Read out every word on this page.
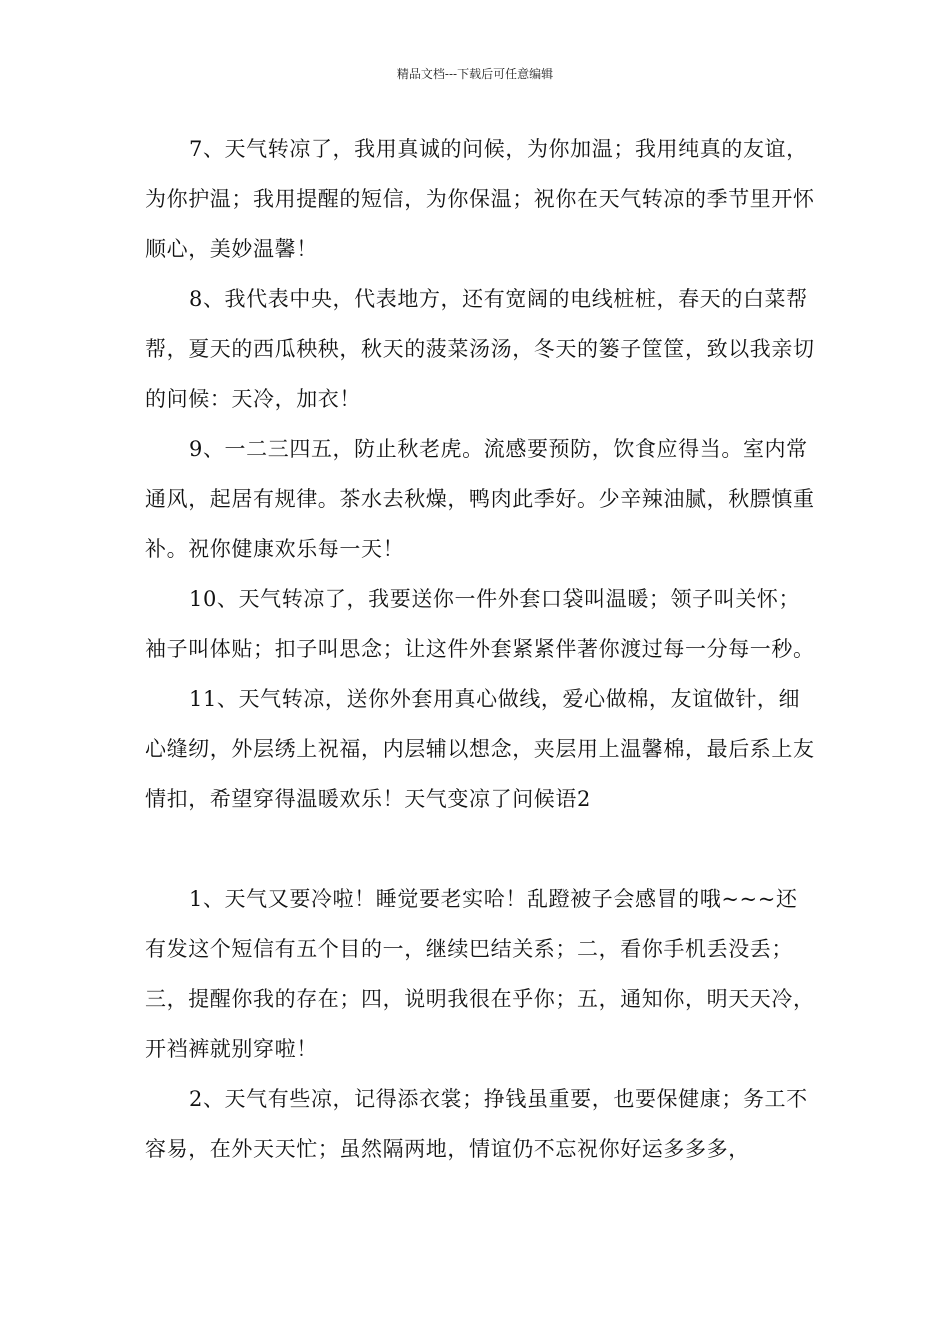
精品文档---下载后可任意编辑

7、天气转凉了，我用真诚的问候，为你加温；我用纯真的友谊，为你护温；我用提醒的短信，为你保温；祝你在天气转凉的季节里开怀顺心，美妙温馨！

8、我代表中央，代表地方，还有宽阔的电线桩桩，春天的白菜帮帮，夏天的西瓜秧秧，秋天的菠菜汤汤，冬天的篓子筐筐，致以我亲切的问候：天冷，加衣！

9、一二三四五，防止秋老虎。流感要预防，饮食应得当。室内常通风，起居有规律。茶水去秋燥，鸭肉此季好。少辛辣油腻，秋膘慎重补。祝你健康欢乐每一天！

10、天气转凉了，我要送你一件外套口袋叫温暖；领子叫关怀；袖子叫体贴；扣子叫思念；让这件外套紧紧伴著你渡过每一分每一秒。

11、天气转凉，送你外套用真心做线，爱心做棉，友谊做针，细心缝纫，外层绣上祝福，内层辅以想念，夹层用上温馨棉，最后系上友情扣，希望穿得温暖欢乐！天气变凉了问候语2

1、天气又要冷啦！睡觉要老实哈！乱蹬被子会感冒的哦~~~还有发这个短信有五个目的一，继续巴结关系；二，看你手机丢没丢；三，提醒你我的存在；四，说明我很在乎你；五，通知你，明天天冷，开裆裤就别穿啦！

2、天气有些凉，记得添衣裳；挣钱虽重要，也要保健康；务工不容易，在外天天忙；虽然隔两地，情谊仍不忘祝你好运多多多，
